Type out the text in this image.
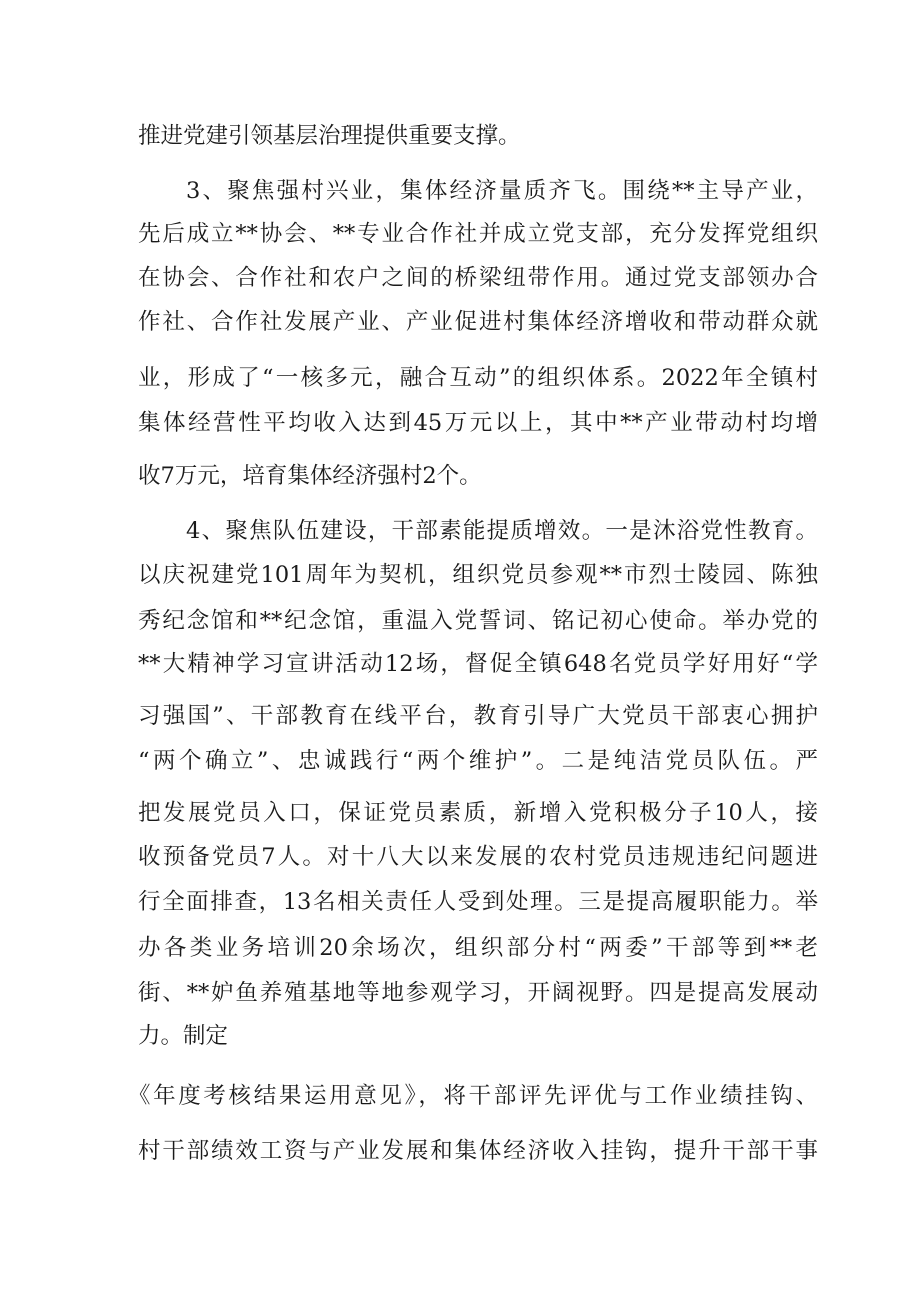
推进党建引领基层治理提供重要支撑。
3、聚焦强村兴业，集体经济量质齐飞。围绕**主导产业，
先后成立**协会、**专业合作社并成立党支部，充分发挥党组织
在协会、合作社和农户之间的桥梁纽带作用。通过党支部领办合
作社、合作社发展产业、产业促进村集体经济增收和带动群众就
业，形成了“一核多元，融合互动”的组织体系。2022年全镇村
集体经营性平均收入达到45万元以上，其中**产业带动村均增
收7万元，培育集体经济强村2个。
4、聚焦队伍建设，干部素能提质增效。一是沐浴党性教育。
以庆祝建党101周年为契机，组织党员参观**市烈士陵园、陈独
秀纪念馆和**纪念馆，重温入党誓词、铭记初心使命。举办党的
**大精神学习宣讲活动12场，督促全镇648名党员学好用好“学
习强国”、干部教育在线平台，教育引导广大党员干部衷心拥护
“两个确立”、忠诚践行“两个维护”。二是纯洁党员队伍。严
把发展党员入口，保证党员素质，新增入党积极分子10人，接
收预备党员7人。对十八大以来发展的农村党员违规违纪问题进
行全面排查，13名相关责任人受到处理。三是提高履职能力。举
办各类业务培训20余场次，组织部分村“两委”干部等到**老
街、**妒鱼养殖基地等地参观学习，开阔视野。四是提高发展动
力。制定
《年度考核结果运用意见》，将干部评先评优与工作业绩挂钩、
村干部绩效工资与产业发展和集体经济收入挂钩，提升干部干事
